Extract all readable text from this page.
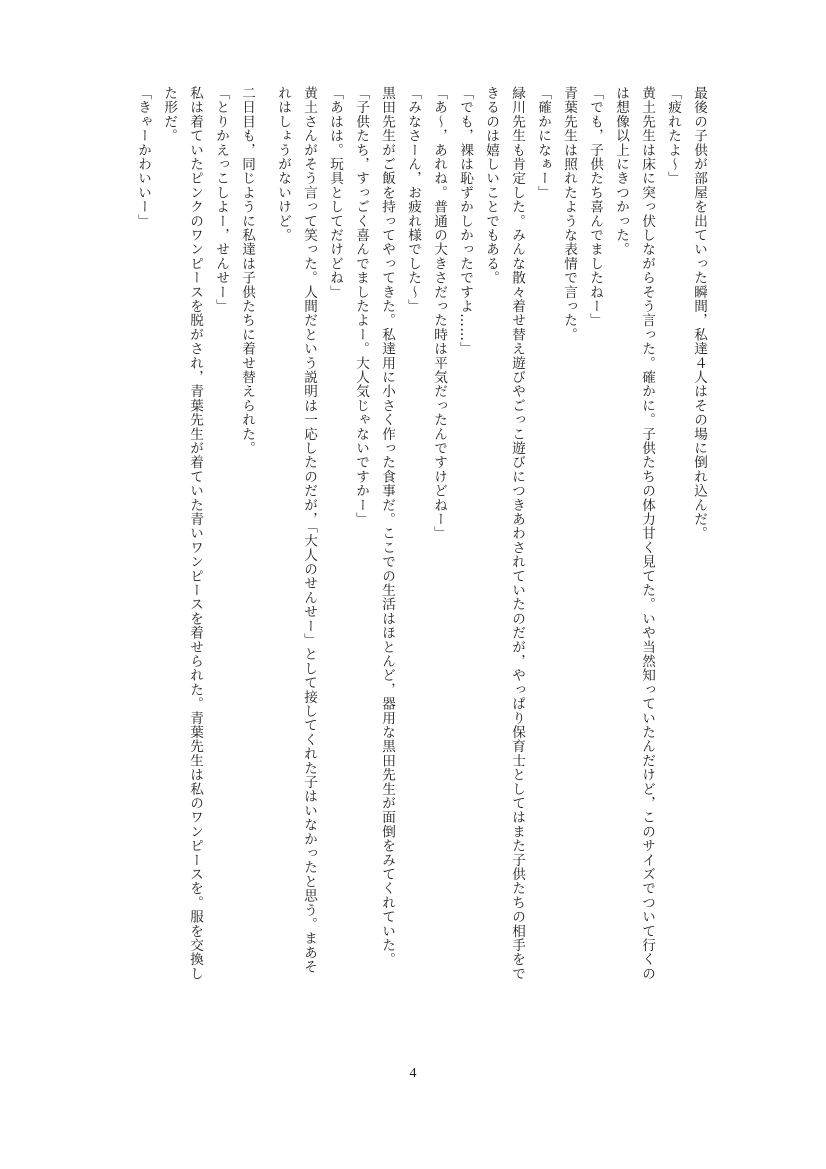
最後の子供が部屋を出ていった瞬間，私達４人はその場に倒れ込んだ。
「疲れたよ～」
黄土先生は床に突っ伏しながらそう言った。確かに。子供たちの体力甘く見てた。いや当然知っていたんだけど，このサイズでついて行くの
は想像以上にきつかった。
「でも，子供たち喜んでましたねー」
青葉先生は照れたような表情で言った。
「確かになぁー」
緑川先生も肯定した。みんな散々着せ替え遊びやごっこ遊びにつきあわされていたのだが，やっぱり保育士としてはまた子供たちの相手をで
きるのは嬉しいことでもある。
「でも，裸は恥ずかしかったですよ……」
「あ～，あれね。普通の大きさだった時は平気だったんですけどねー」
「みなさーん，お疲れ様でした～」
黒田先生がご飯を持ってやってきた。私達用に小さく作った食事だ。ここでの生活はほとんど，器用な黒田先生が面倒をみてくれていた。
「子供たち，すっごく喜んでましたよー。大人気じゃないですかー」
「あはは。玩具としてだけどね」
黄土さんがそう言って笑った。人間だという説明は一応したのだが，「大人のせんせー」として接してくれた子はいなかったと思う。まあそ
れはしょうがないけど。
二日目も，同じように私達は子供たちに着せ替えられた。
「とりかえっこしよー，せんせー」
私は着ていたピンクのワンピースを脱がされ，青葉先生が着ていた青いワンピースを着せられた。青葉先生は私のワンピースを。服を交換し
た形だ。
「きゃーかわいいー」
4
